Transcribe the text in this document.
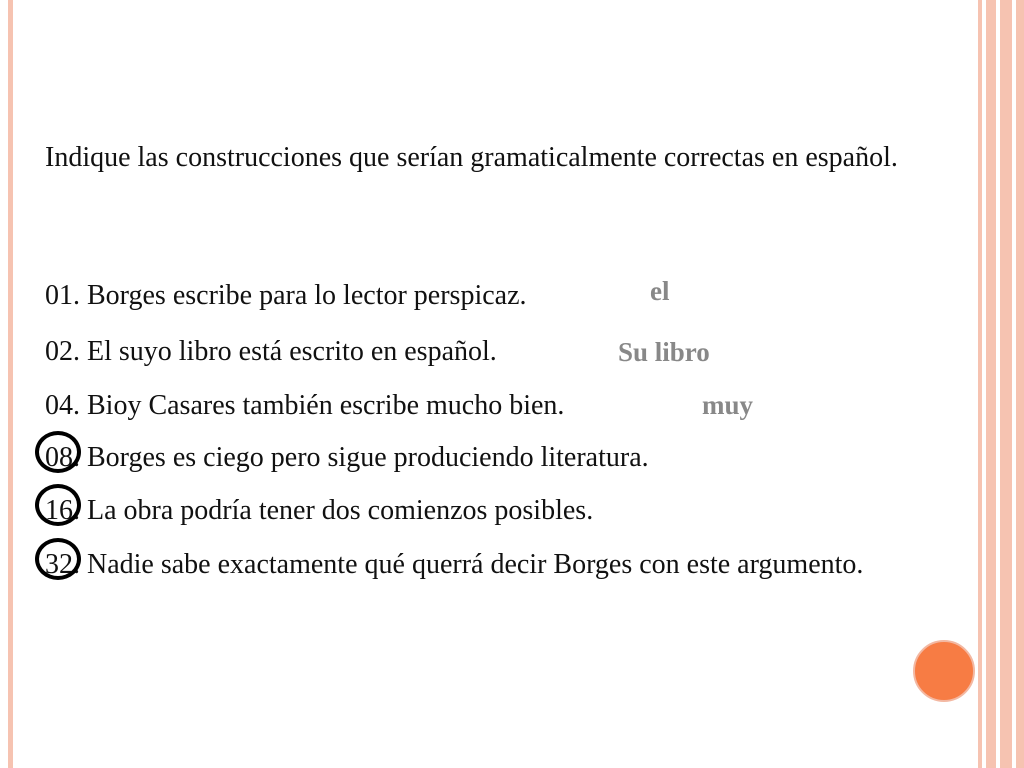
Indique las construcciones que serían gramaticalmente correctas en español.
01. Borges escribe para lo lector perspicaz.
02. El suyo libro está escrito en español.
04. Bioy Casares también escribe mucho bien.
08. Borges es ciego pero sigue produciendo literatura.
16. La obra podría tener dos comienzos posibles.
32. Nadie sabe exactamente qué querrá decir Borges con este argumento.
el
Su libro
muy
